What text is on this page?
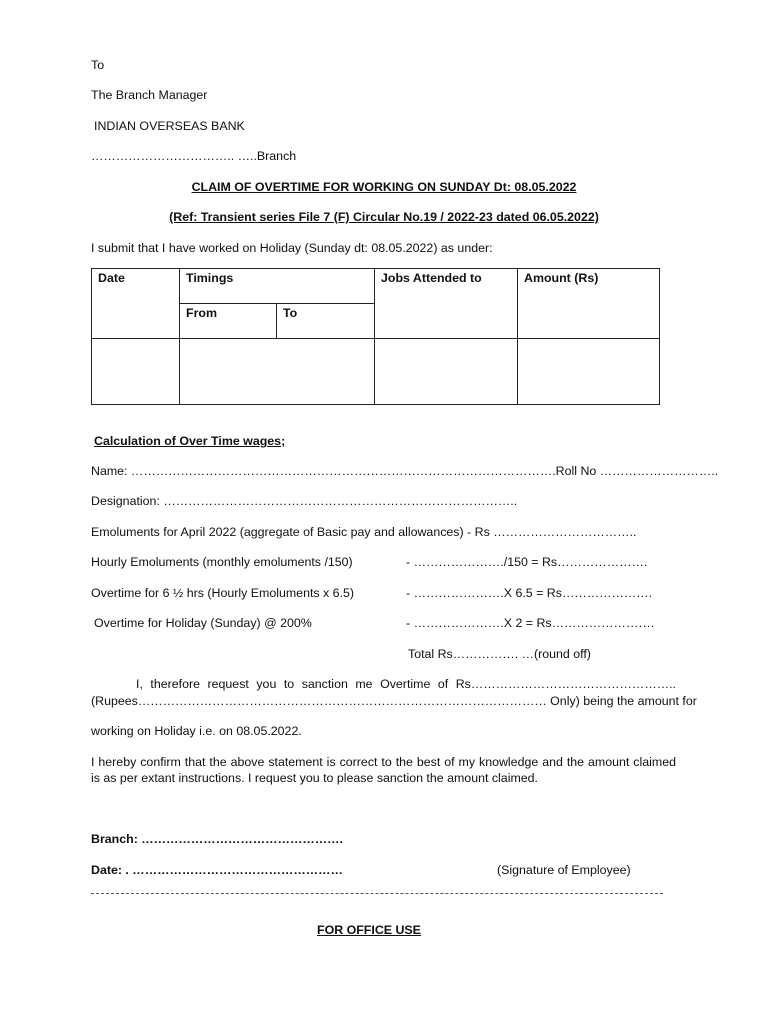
To
The Branch Manager
INDIAN OVERSEAS BANK
…………………………….. …..Branch
CLAIM OF OVERTIME FOR WORKING ON SUNDAY Dt: 08.05.2022
(Ref: Transient series File 7 (F) Circular No.19 / 2022-23 dated 06.05.2022)
I submit that I have worked on Holiday (Sunday dt: 08.05.2022) as under:
Date	Timings		Jobs Attended to	Amount (Rs)
	From	To		

Calculation of Over Time wages;
Name: ………………………………………………………………………………………….Roll No ………………………..
Designation: …………………………………………………………………………..
Emoluments for April 2022 (aggregate of Basic pay and allowances) - Rs ……………………………..
Hourly Emoluments (monthly emoluments /150)	- …………………./150 = Rs………………….
Overtime for 6 ½ hrs (Hourly Emoluments x 6.5)	- ………………….X 6.5 = Rs………………….
Overtime for Holiday (Sunday) @ 200%	- ………………….X 2 = Rs…………………….
Total Rs……………. …(round off)
I, therefore request you to sanction me Overtime of Rs…………………………………………..
(Rupees……………………………………………………………………………………… Only) being the amount for
working on Holiday i.e. on 08.05.2022.
I hereby confirm that the above statement is correct to the best of my knowledge and the amount claimed is as per extant instructions. I request you to please sanction the amount claimed.
Branch: ………………………………………….
Date: . ……………………………………………	(Signature of Employee)
FOR OFFICE USE
